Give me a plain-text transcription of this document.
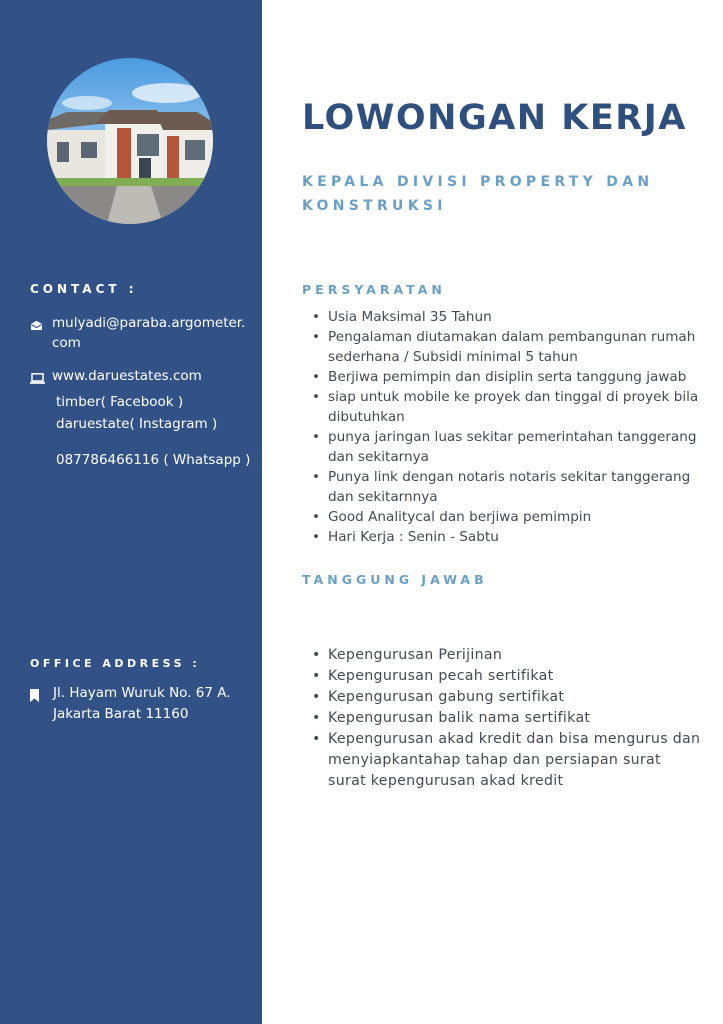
CONTACT :
mulyadi@paraba.argometer.com
www.daruestates.com
timber( Facebook )
daruestate( Instagram )
087786466116 ( Whatsapp )
OFFICE ADDRESS :
Jl. Hayam Wuruk No. 67 A. Jakarta Barat 11160
LOWONGAN KERJA
KEPALA DIVISI PROPERTY DAN KONSTRUKSI
PERSYARATAN
• Usia Maksimal 35 Tahun
• Pengalaman diutamakan dalam pembangunan rumah sederhana / Subsidi minimal 5 tahun
• Berjiwa pemimpin dan disiplin serta tanggung jawab
• siap untuk mobile ke proyek dan tinggal di proyek bila dibutuhkan
• punya jaringan luas sekitar pemerintahan tanggerang dan sekitarnya
• Punya link dengan notaris notaris sekitar tanggerang dan sekitarnnya
• Good Analitycal dan berjiwa pemimpin
• Hari Kerja : Senin - Sabtu
TANGGUNG JAWAB
• Kepengurusan Perijinan
• Kepengurusan pecah sertifikat
• Kepengurusan gabung sertifikat
• Kepengurusan balik nama sertifikat
• Kepengurusan akad kredit dan bisa mengurus dan menyiapkantahap tahap dan persiapan surat surat kepengurusan akad kredit
